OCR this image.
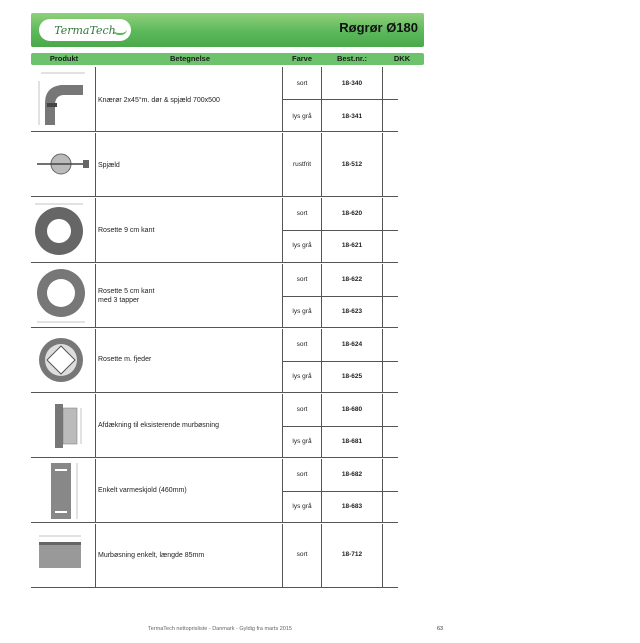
TermaTech	Røgrør Ø180
Produkt	Betegnelse	Farve	Best.nr.:	DKK
Knærør 2x45°m. dør & spjæld 700x500
sort	18-340
lys grå	18-341
Spjæld	rustfrit	18-512
Rosette 9 cm kant
sort	18-620
lys grå	18-621
Rosette 5 cm kant
med 3 tapper
sort	18-622
lys grå	18-623
Rosette m. fjeder
sort	18-624
lys grå	18-625
Afdækning til eksisterende murbøsning
sort	18-680
lys grå	18-681
Enkelt varmeskjold (460mm)
sort	18-682
lys grå	18-683
Murbøsning enkelt, længde 85mm	sort	18-712
TermaTech nettoprisliste - Danmark - Gyldig fra marts 2015	63
